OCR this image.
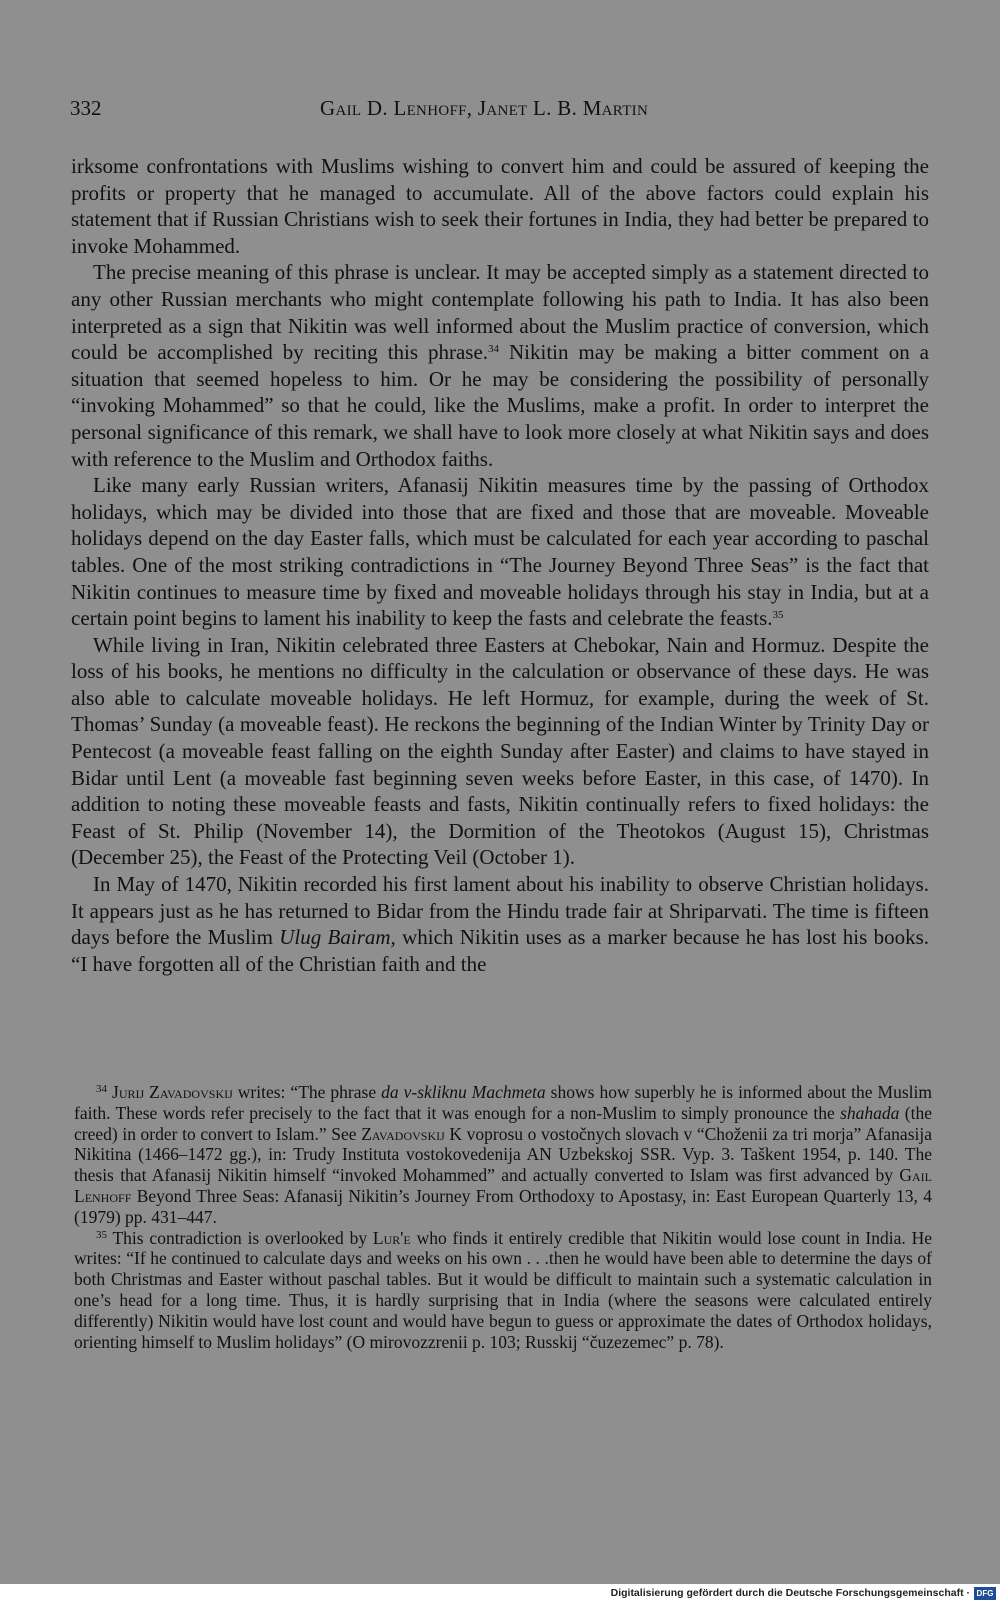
332	Gail D. Lenhoff, Janet L. B. Martin

irksome confrontations with Muslims wishing to convert him and could be assured of keeping the profits or property that he managed to accumulate. All of the above factors could explain his statement that if Russian Christians wish to seek their fortunes in India, they had better be prepared to invoke Mohammed.

The precise meaning of this phrase is unclear. It may be accepted simply as a statement directed to any other Russian merchants who might contemplate following his path to India. It has also been interpreted as a sign that Nikitin was well informed about the Muslim practice of conversion, which could be accomplished by reciting this phrase.$^{34}$ Nikitin may be making a bitter comment on a situation that seemed hopeless to him. Or he may be considering the possibility of personally “invoking Mohammed” so that he could, like the Muslims, make a profit. In order to interpret the personal significance of this remark, we shall have to look more closely at what Nikitin says and does with reference to the Muslim and Orthodox faiths.

Like many early Russian writers, Afanasij Nikitin measures time by the passing of Orthodox holidays, which may be divided into those that are fixed and those that are moveable. Moveable holidays depend on the day Easter falls, which must be calculated for each year according to paschal tables. One of the most striking contradictions in “The Journey Beyond Three Seas” is the fact that Nikitin continues to measure time by fixed and moveable holidays through his stay in India, but at a certain point begins to lament his inability to keep the fasts and celebrate the feasts.$^{35}$

While living in Iran, Nikitin celebrated three Easters at Chebokar, Nain and Hormuz. Despite the loss of his books, he mentions no difficulty in the calculation or observance of these days. He was also able to calculate moveable holidays. He left Hormuz, for example, during the week of St. Thomas’ Sunday (a moveable feast). He reckons the beginning of the Indian Winter by Trinity Day or Pentecost (a moveable feast falling on the eighth Sunday after Easter) and claims to have stayed in Bidar until Lent (a moveable fast beginning seven weeks before Easter, in this case, of 1470). In addition to noting these moveable feasts and fasts, Nikitin continually refers to fixed holidays: the Feast of St. Philip (November 14), the Dormition of the Theotokos (August 15), Christmas (December 25), the Feast of the Protecting Veil (October 1).

In May of 1470, Nikitin recorded his first lament about his inability to observe Christian holidays. It appears just as he has returned to Bidar from the Hindu trade fair at Shriparvati. The time is fifteen days before the Muslim Ulug Bairam, which Nikitin uses as a marker because he has lost his books. “I have forgotten all of the Christian faith and the

$^{34}$ Jurij Zavadovskij writes: “The phrase da v-skliknu Machmeta shows how superbly he is informed about the Muslim faith. These words refer precisely to the fact that it was enough for a non-Muslim to simply pronounce the shahada (the creed) in order to convert to Islam.” See Zavadovskij K voprosu o vostočnych slovach v “Choženii za tri morja” Afanasija Nikitina (1466–1472 gg.), in: Trudy Instituta vostokovedenija AN Uzbekskoj SSR. Vyp. 3. Taškent 1954, p. 140. The thesis that Afanasij Nikitin himself “invoked Mohammed” and actually converted to Islam was first advanced by Gail Lenhoff Beyond Three Seas: Afanasij Nikitin’s Journey From Orthodoxy to Apostasy, in: East European Quarterly 13, 4 (1979) pp. 431–447.

$^{35}$ This contradiction is overlooked by Lur'e who finds it entirely credible that Nikitin would lose count in India. He writes: “If he continued to calculate days and weeks on his own . . .then he would have been able to determine the days of both Christmas and Easter without paschal tables. But it would be difficult to maintain such a systematic calculation in one’s head for a long time. Thus, it is hardly surprising that in India (where the seasons were calculated entirely differently) Nikitin would have lost count and would have begun to guess or approximate the dates of Orthodox holidays, orienting himself to Muslim holidays” (O mirovozzrenii p. 103; Russkij “čuzezemec” p. 78).

Digitalisierung gefördert durch die Deutsche Forschungsgemeinschaft · DFG
